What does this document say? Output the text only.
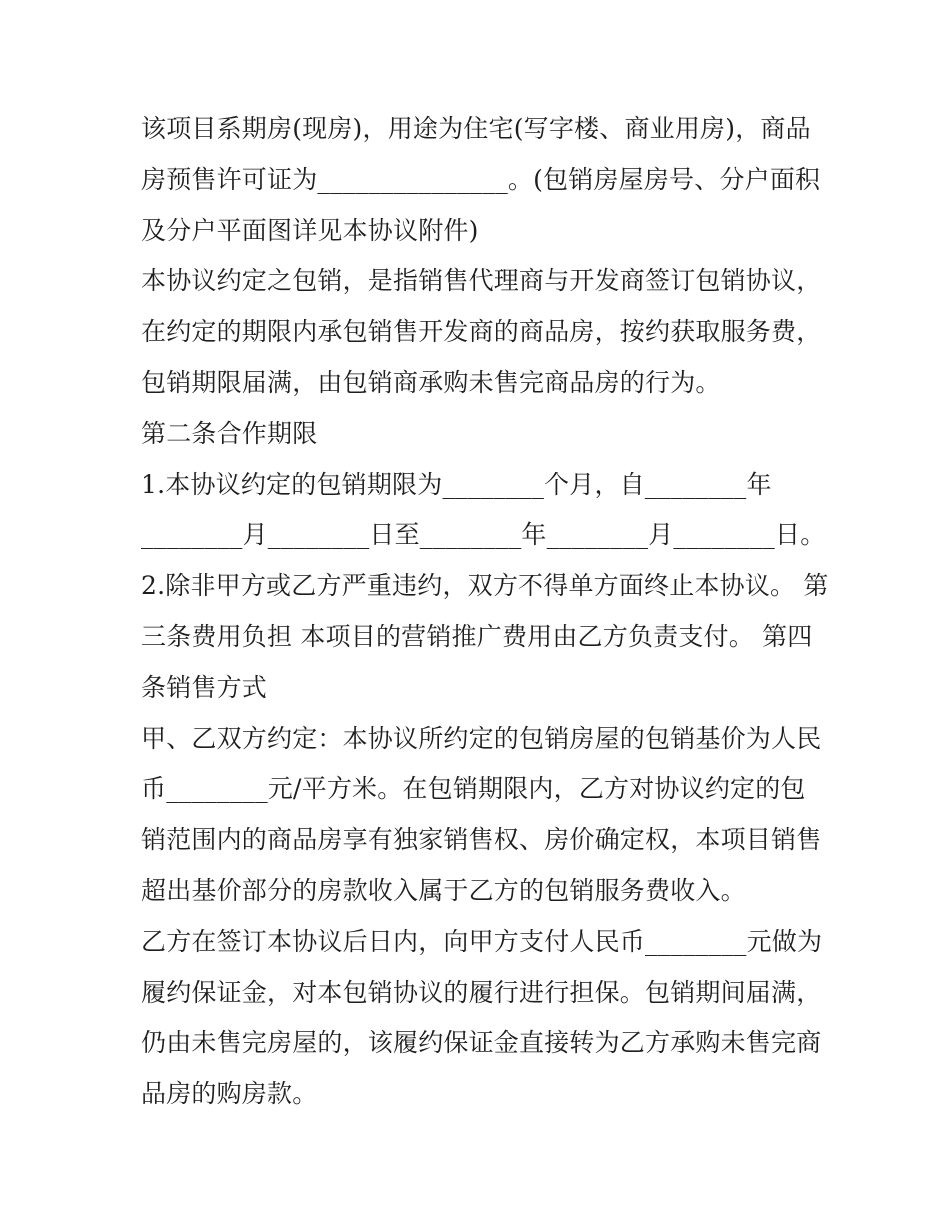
该项目系期房(现房)，用途为住宅(写字楼、商业用房)，商品
房预售许可证为_______________。(包销房屋房号、分户面积
及分户平面图详见本协议附件)
本协议约定之包销，是指销售代理商与开发商签订包销协议，
在约定的期限内承包销售开发商的商品房，按约获取服务费，
包销期限届满，由包销商承购未售完商品房的行为。
第二条合作期限
1.本协议约定的包销期限为________个月，自________年
________月________日至________年________月________日。
2.除非甲方或乙方严重违约，双方不得单方面终止本协议。 第
三条费用负担 本项目的营销推广费用由乙方负责支付。 第四
条销售方式
甲、乙双方约定：本协议所约定的包销房屋的包销基价为人民
币________元/平方米。在包销期限内，乙方对协议约定的包
销范围内的商品房享有独家销售权、房价确定权，本项目销售
超出基价部分的房款收入属于乙方的包销服务费收入。
乙方在签订本协议后日内，向甲方支付人民币________元做为
履约保证金，对本包销协议的履行进行担保。包销期间届满，
仍由未售完房屋的，该履约保证金直接转为乙方承购未售完商
品房的购房款。
